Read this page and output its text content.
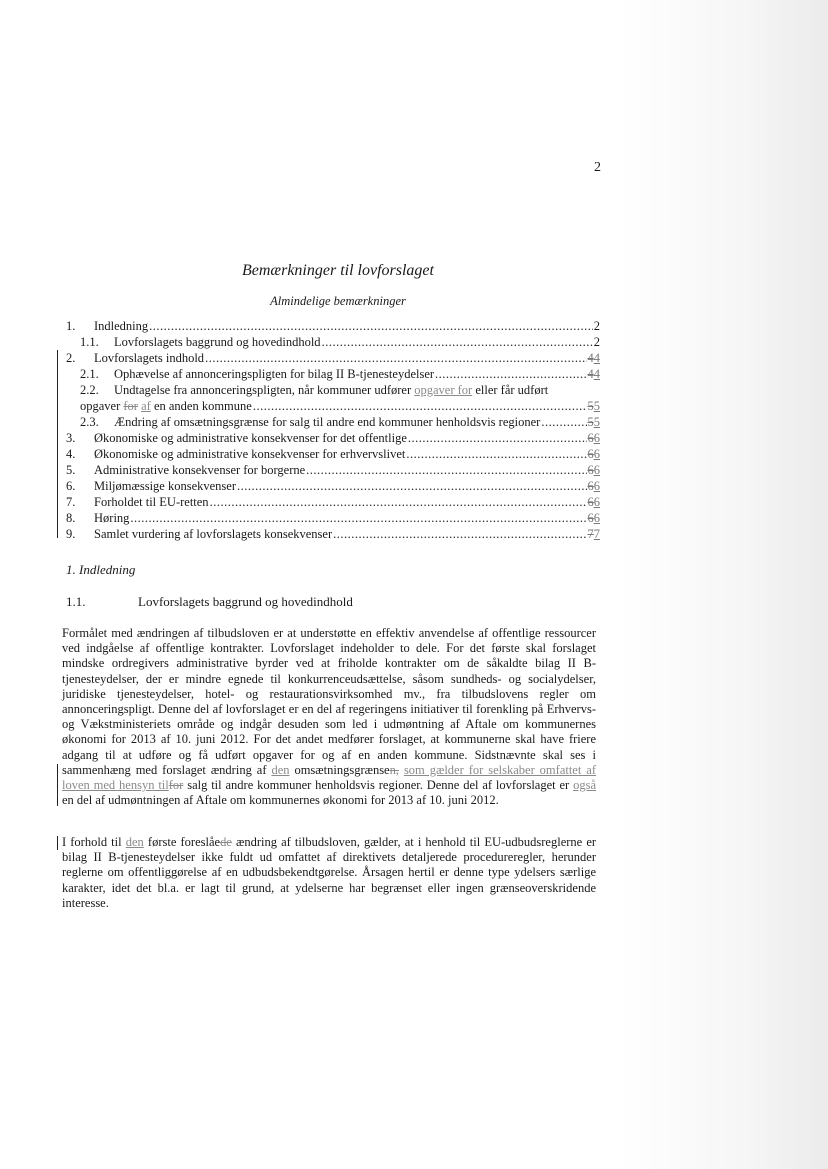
2
Bemærkninger til lovforslaget
Almindelige bemærkninger
1.	Indledning .....	2
1.1.	Lovforslagets baggrund og hovedindhold .....	2
2.	Lovforslagets indhold .....	44
2.1.	Ophævelse af annonceringspligten for bilag II B-tjenesteydelser .....	44
2.2.	Undtagelse fra annonceringspligten, når kommuner udfører opgaver for eller får udført
opgaver for af en anden kommune .....	55
2.3.	Ændring af omsætningsgrænse for salg til andre end kommuner henholdsvis regioner .....	55
3.	Økonomiske og administrative konsekvenser for det offentlige .....	66
4.	Økonomiske og administrative konsekvenser for erhvervslivet .....	66
5.	Administrative konsekvenser for borgerne .....	66
6.	Miljømæssige konsekvenser .....	66
7.	Forholdet til EU-retten .....	66
8.	Høring .....	66
9.	Samlet vurdering af lovforslagets konsekvenser .....	77
1. Indledning
1.1.	Lovforslagets baggrund og hovedindhold
Formålet med ændringen af tilbudsloven er at understøtte en effektiv anvendelse af offentlige ressourcer ved indgåelse af offentlige kontrakter. Lovforslaget indeholder to dele. For det første skal forslaget mindske ordregivers administrative byrder ved at friholde kontrakter om de såkaldte bilag II B-tjenesteydelser, der er mindre egnede til konkurrenceudsættelse, såsom sundheds- og socialydelser, juridiske tjenesteydelser, hotel- og restaurationsvirksomhed mv., fra tilbudslovens regler om annonceringspligt. Denne del af lovforslaget er en del af regeringens initiativer til forenkling på Erhvervs- og Vækstministeriets område og indgår desuden som led i udmøntning af Aftale om kommunernes økonomi for 2013 af 10. juni 2012. For det andet medfører forslaget, at kommunerne skal have friere adgang til at udføre og få udført opgaver for og af en anden kommune. Sidstnævnte skal ses i sammenhæng med forslaget ændring af den omsætningsgrænsen, som gælder for selskaber omfattet af loven med hensyn tilfor salg til andre kommuner henholdsvis regioner. Denne del af lovforslaget er også en del af udmøntningen af Aftale om kommunernes økonomi for 2013 af 10. juni 2012.
I forhold til den første foreslåede ændring af tilbudsloven, gælder, at i henhold til EU-udbudsreglerne er bilag II B-tjenesteydelser ikke fuldt ud omfattet af direktivets detaljerede procedureregler, herunder reglerne om offentliggørelse af en udbudsbekendtgørelse. Årsagen hertil er denne type ydelsers særlige karakter, idet det bl.a. er lagt til grund, at ydelserne har begrænset eller ingen grænseoverskridende interesse.
